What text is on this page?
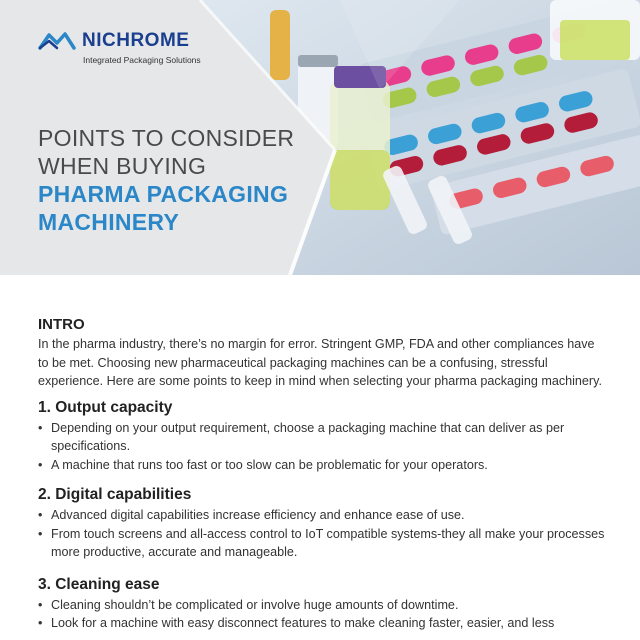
NICHROME
Integrated Packaging Solutions
POINTS TO CONSIDER
WHEN BUYING
PHARMA PACKAGING
MACHINERY
INTRO

In the pharma industry, there’s no margin for error. Stringent GMP, FDA and other compliances have to be met. Choosing new pharmaceutical packaging machines can be a confusing, stressful experience. Here are some points to keep in mind when selecting your pharma packaging machinery.

1. Output capacity
• Depending on your output requirement, choose a packaging machine that can deliver as per specifications.
• A machine that runs too fast or too slow can be problematic for your operators.
2. Digital capabilities
• Advanced digital capabilities increase efficiency and enhance ease of use.
• From touch screens and all-access control to IoT compatible systems-they all make your processes more productive, accurate and manageable.
3. Cleaning ease
• Cleaning shouldn’t be complicated or involve huge amounts of downtime.
• Look for a machine with easy disconnect features to make cleaning faster, easier, and less
